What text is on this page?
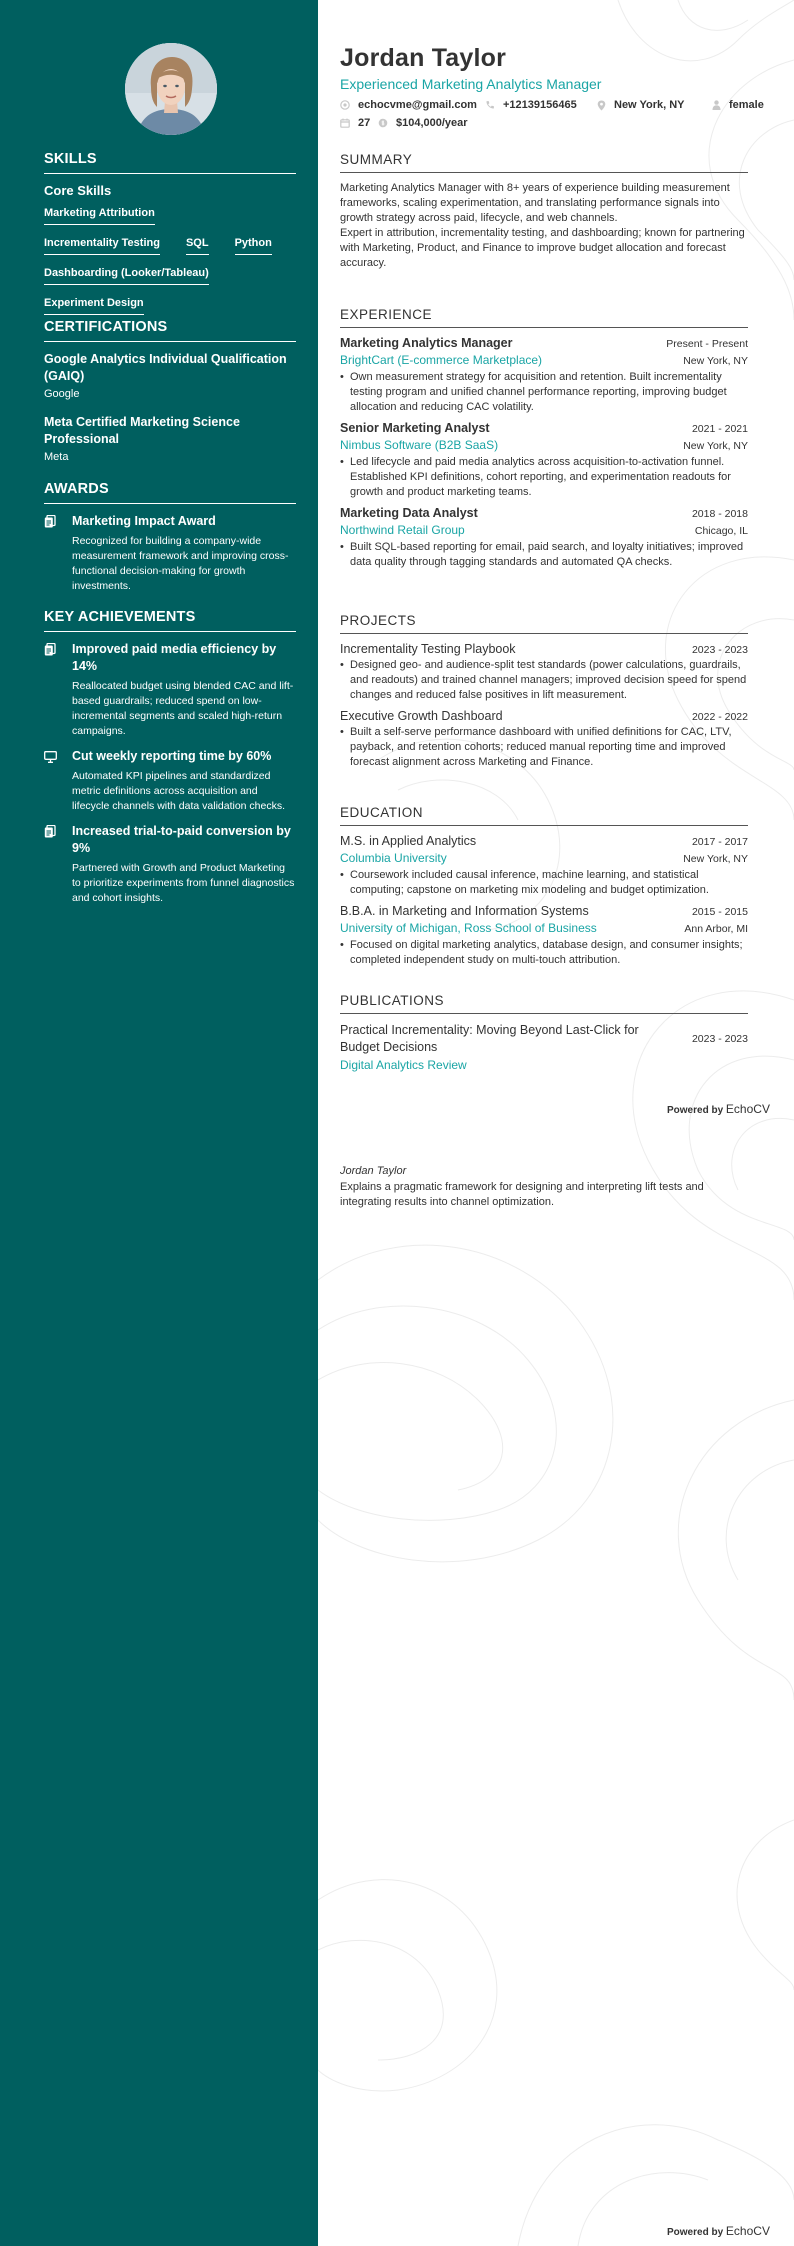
SKILLS
Core Skills
Marketing Attribution
Incrementality Testing SQL Python
Dashboarding (Looker/Tableau)
Experiment Design
CERTIFICATIONS
Google Analytics Individual Qualification (GAIQ)
Google
Meta Certified Marketing Science Professional
Meta
AWARDS
Marketing Impact Award
Recognized for building a company-wide measurement framework and improving cross-functional decision-making for growth investments.
KEY ACHIEVEMENTS
Improved paid media efficiency by 14%
Reallocated budget using blended CAC and lift-based guardrails; reduced spend on low-incremental segments and scaled high-return campaigns.
Cut weekly reporting time by 60%
Automated KPI pipelines and standardized metric definitions across acquisition and lifecycle channels with data validation checks.
Increased trial-to-paid conversion by 9%
Partnered with Growth and Product Marketing to prioritize experiments from funnel diagnostics and cohort insights.
Jordan Taylor
Experienced Marketing Analytics Manager
echocvme@gmail.com +12139156465	New York, NY	female
27 $104,000/year
SUMMARY
Marketing Analytics Manager with 8+ years of experience building measurement frameworks, scaling experimentation, and translating performance signals into growth strategy across paid, lifecycle, and web channels.
Expert in attribution, incrementality testing, and dashboarding; known for partnering with Marketing, Product, and Finance to improve budget allocation and forecast accuracy.
EXPERIENCE
Marketing Analytics Manager	Present - Present
BrightCart (E-commerce Marketplace)	New York, NY
• Own measurement strategy for acquisition and retention. Built incrementality testing program and unified channel performance reporting, improving budget allocation and reducing CAC volatility.
Senior Marketing Analyst	2021 - 2021
Nimbus Software (B2B SaaS)	New York, NY
• Led lifecycle and paid media analytics across acquisition-to-activation funnel. Established KPI definitions, cohort reporting, and experimentation readouts for growth and product marketing teams.
Marketing Data Analyst	2018 - 2018
Northwind Retail Group	Chicago, IL
• Built SQL-based reporting for email, paid search, and loyalty initiatives; improved data quality through tagging standards and automated QA checks.
PROJECTS
Incrementality Testing Playbook	2023 - 2023
• Designed geo- and audience-split test standards (power calculations, guardrails, and readouts) and trained channel managers; improved decision speed for spend changes and reduced false positives in lift measurement.
Executive Growth Dashboard	2022 - 2022
• Built a self-serve performance dashboard with unified definitions for CAC, LTV, payback, and retention cohorts; reduced manual reporting time and improved forecast alignment across Marketing and Finance.
EDUCATION
M.S. in Applied Analytics	2017 - 2017
Columbia University	New York, NY
• Coursework included causal inference, machine learning, and statistical computing; capstone on marketing mix modeling and budget optimization.
B.B.A. in Marketing and Information Systems	2015 - 2015
University of Michigan, Ross School of Business	Ann Arbor, MI
• Focused on digital marketing analytics, database design, and consumer insights; completed independent study on multi-touch attribution.
PUBLICATIONS
Practical Incrementality: Moving Beyond Last-Click for Budget Decisions
2023 - 2023
Digital Analytics Review
Powered by EchoCV
Jordan Taylor
Explains a pragmatic framework for designing and interpreting lift tests and integrating results into channel optimization.
Powered by EchoCV
